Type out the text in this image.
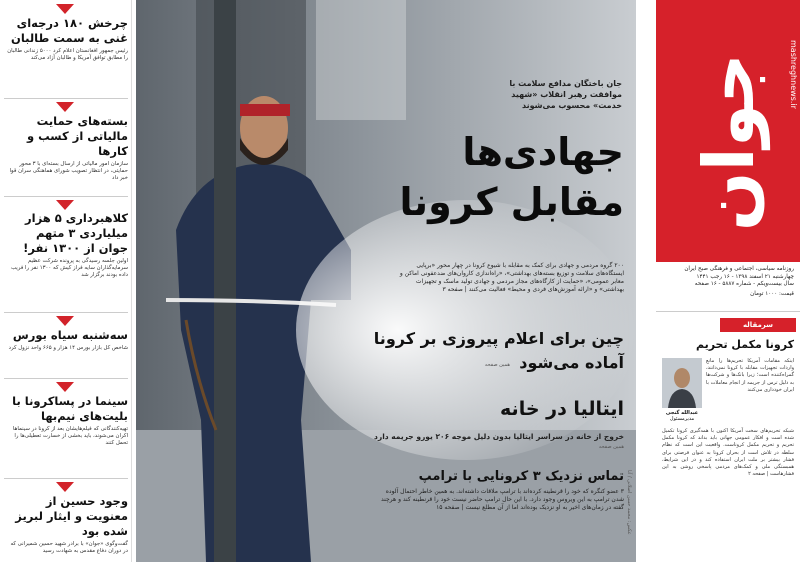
چرخش ۱۸۰ درجه‌ای غنی به سمت طالبان
رئیس جمهور افغانستان اعلام کرد ۵۰۰۰ زندانی طالبان را مطابق توافق آمریکا و طالبان آزاد می‌کند
بسته‌های حمایت مالیاتی از کسب و کارها
سازمان امور مالیاتی از ارسال بسته‌ای با ۳ محور حمایتی، در انتظار تصویب شورای هماهنگی سران قوا خبر داد
کلاهبرداری ۵ هزار میلیاردی ۳ متهم جوان از ۱۳۰۰ نفر!
اولین جلسه رسیدگی به پرونده شرکت عظیم سرمایه‌گذاران سایه فراز کیش که ۱۳۰۰ نفر را فریب داده بودند برگزار شد
سه‌شنبه سیاه بورس
شاخص کل بازار بورس ۱۴ هزار و ۶۶۵ واحد نزول کرد
سینما در پساکرونا با بلیت‌های نیم‌بها
تهیه‌کنندگانی که فیلم‌هایشان بعد از کرونا در سینماها اکران می‌شوند، باید بخشی از خسارت تعطیلی‌ها را تحمل کنند
وجود حسین از معنویت و ایثار لبریز شده بود
گفت‌وگوی «جوان» با برادر شهید حسین شمیرانی که در دوران دفاع مقدس به شهادت رسید
جان باختگان مدافع سلامت با موافقت رهبر انقلاب «شهید خدمت» محسوب می‌شوند
جهادی‌ها
مقابل کرونا
۲۰۰ گروه مردمی و جهادی برای کمک به مقابله با شیوع کرونا در چهار محور «برپایی ایستگاه‌های سلامت و توزیع بسته‌های بهداشتی»، «راه‌اندازی کاروان‌های ضدعفونی اماکن و معابر عمومی»، «حمایت از کارگاه‌های مجاز مردمی و جهادی تولید ماسک و تجهیزات بهداشتی» و «ارائه آموزش‌های فردی و محیط» فعالیت می‌کنند | صفحه ۳
چین برای اعلام پیروزی بر کرونا
آماده می‌شود
همین صفحه
ایتالیا در خانه
خروج از خانه در سراسر ایتالیا بدون دلیل موجه ۲۰۶ یورو جریمه دارد
همین صفحه
تماس نزدیک ۳ کرونایی با ترامپ
۳ عضو کنگره که خود را قرنطینه کرده‌اند با ترامپ ملاقات داشته‌اند. به همین خاطر احتمال آلوده شدن ترامپ به این ویروس وجود دارد. با این حال ترامپ حاضر نیست خود را قرنطینه کند و هرچند گفته در زمان‌های اخیر به او نزدیک بوده‌اند اما از آن مطلع نیست | صفحه ۱۵ عکس: محمد حسن اصلانی / آنا
جوان mashreghnews.ir
روزنامه سیاسی، اجتماعی و فرهنگی صبح ایران
چهارشنبه ۲۱ اسفند ۱۳۹۸ - ۱۶ رجب ۱۴۴۱
سال بیست‌ویکم - شماره ۵۸۸۷ - ۱۶ صفحه
قیمت: ۱۰۰۰ تومان
سرمقاله
کرونا مکمل تحریم
عبدالله گنجی
مدیرمسئول
اینکه مقامات آمریکا تحریم‌ها را مانع واردات تجهیزات مقابله با کرونا نمی‌دانند، گمراه‌کننده است؛ زیرا بانک‌ها و شرکت‌ها به دلیل ترس از جریمه از انجام معاملات با ایران خودداری می‌کنند
شبکه تحریم‌های سخت آمریکا اکنون با همه‌گیری کرونا تکمیل شده است و افکار عمومی جهانی باید بداند که کرونا مکمل تحریم و تحریم مکمل کروناست. واقعیت این است که نظام سلطه در تلاش است از بحران کرونا به عنوان فرصتی برای فشار بیشتر بر ملت ایران استفاده کند و در این شرایط، همبستگی ملی و کمک‌های مردمی پاسخی روشن به این فشارهاست | صفحه ۲
